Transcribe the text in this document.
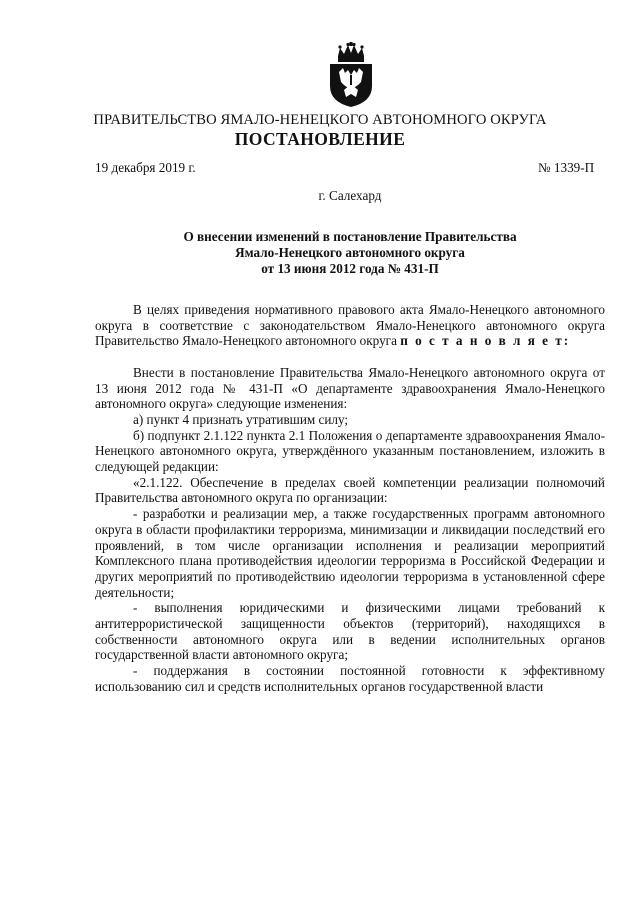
ПРАВИТЕЛЬСТВО ЯМАЛО-НЕНЕЦКОГО АВТОНОМНОГО ОКРУГА
ПОСТАНОВЛЕНИЕ
19 декабря 2019 г.	№ 1339-П
г. Салехард
О внесении изменений в постановление Правительства
Ямало-Ненецкого автономного округа
от 13 июня 2012 года № 431-П
В целях приведения нормативного правового акта Ямало-Ненецкого автономного округа в соответствие с законодательством Ямало-Ненецкого автономного округа Правительство Ямало-Ненецкого автономного округа п о с т а н о в л я е т:
Внести в постановление Правительства Ямало-Ненецкого автономного округа от 13 июня 2012 года № 431-П «О департаменте здравоохранения Ямало-Ненецкого автономного округа» следующие изменения:
а) пункт 4 признать утратившим силу;
б) подпункт 2.1.122 пункта 2.1 Положения о департаменте здравоохранения Ямало-Ненецкого автономного округа, утверждённого указанным постановлением, изложить в следующей редакции:
«2.1.122. Обеспечение в пределах своей компетенции реализации полномочий Правительства автономного округа по организации:
- разработки и реализации мер, а также государственных программ автономного округа в области профилактики терроризма, минимизации и ликвидации последствий его проявлений, в том числе организации исполнения и реализации мероприятий Комплексного плана противодействия идеологии терроризма в Российской Федерации и других мероприятий по противодействию идеологии терроризма в установленной сфере деятельности;
- выполнения юридическими и физическими лицами требований к антитеррористической защищенности объектов (территорий), находящихся в собственности автономного округа или в ведении исполнительных органов государственной власти автономного округа;
- поддержания в состоянии постоянной готовности к эффективному использованию сил и средств исполнительных органов государственной власти
